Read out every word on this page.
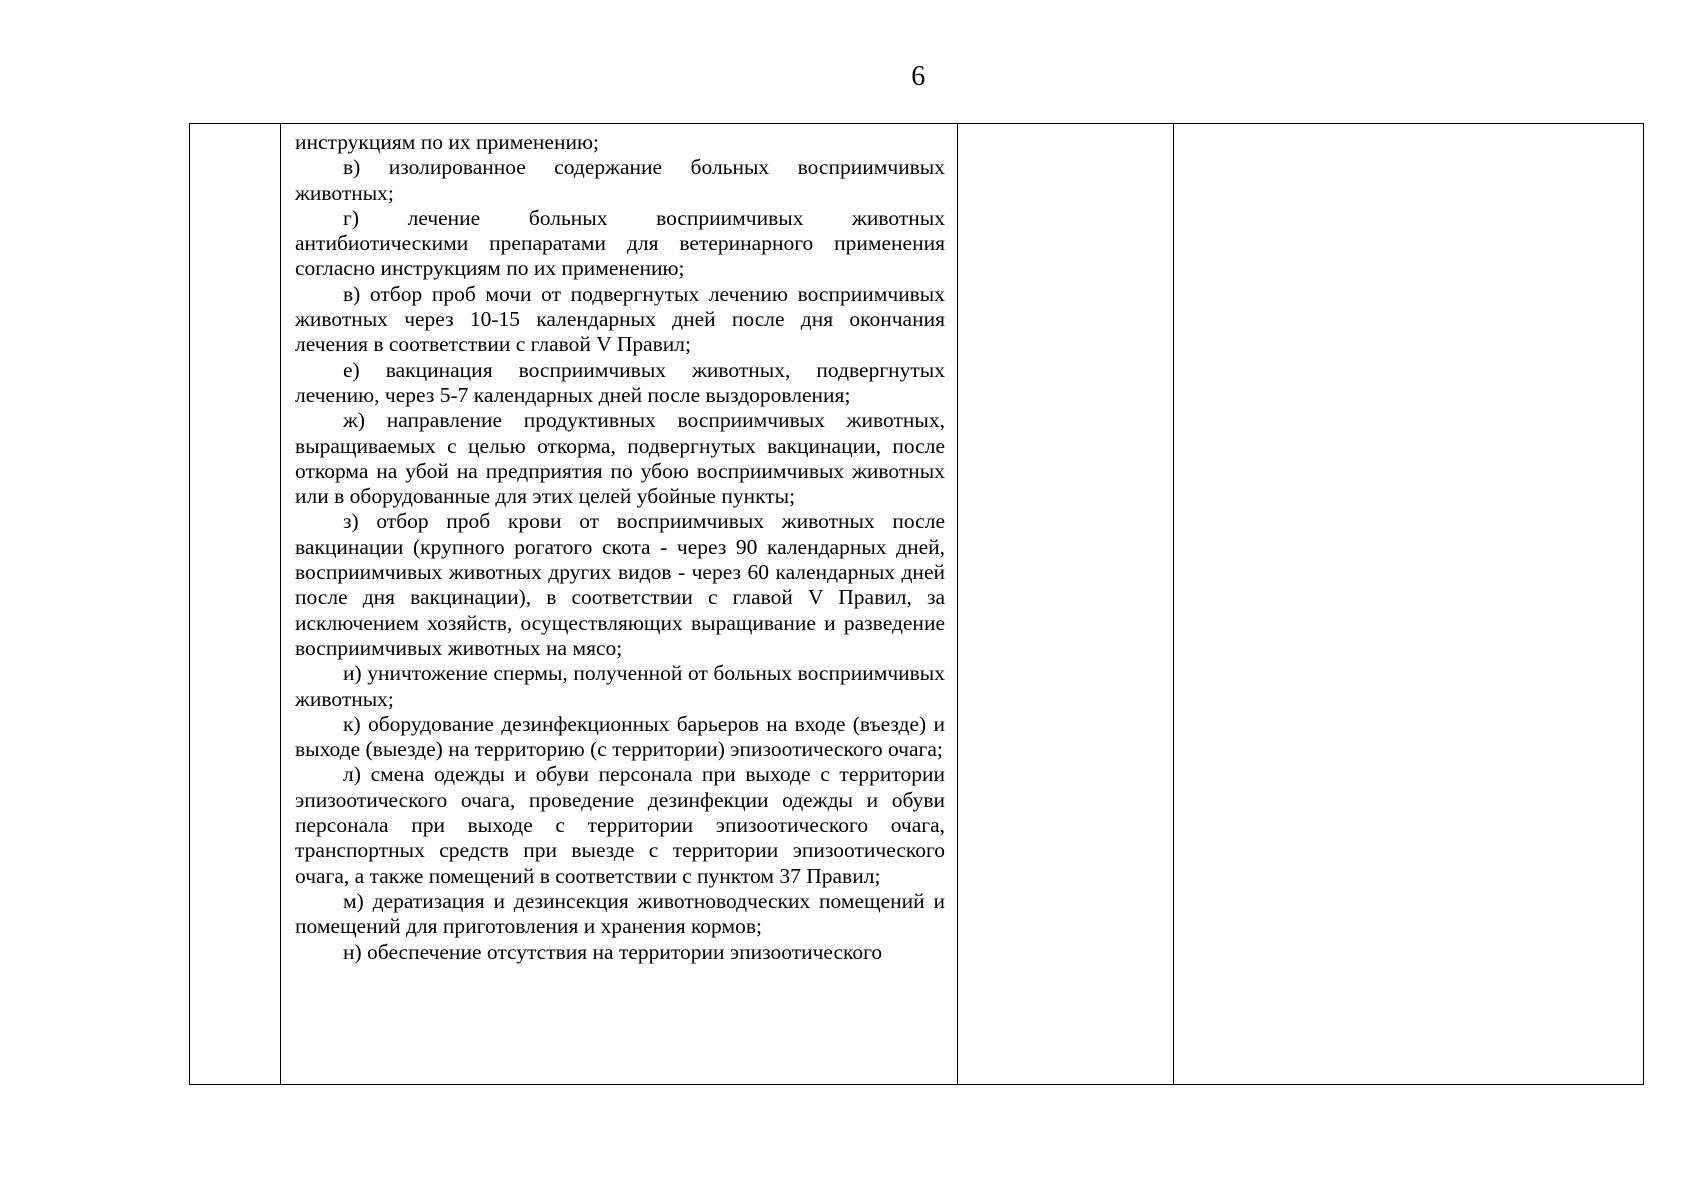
6

инструкциям по их применению;

в) изолированное содержание больных восприимчивых животных;

г) лечение больных восприимчивых животных антибиотическими препаратами для ветеринарного применения согласно инструкциям по их применению;

в) отбор проб мочи от подвергнутых лечению восприимчивых животных через 10-15 календарных дней после дня окончания лечения в соответствии с главой V Правил;

е) вакцинация восприимчивых животных, подвергнутых лечению, через 5-7 календарных дней после выздоровления;

ж) направление продуктивных восприимчивых животных, выращиваемых с целью откорма, подвергнутых вакцинации, после откорма на убой на предприятия по убою восприимчивых животных или в оборудованные для этих целей убойные пункты;

з) отбор проб крови от восприимчивых животных после вакцинации (крупного рогатого скота - через 90 календарных дней, восприимчивых животных других видов - через 60 календарных дней после дня вакцинации), в соответствии с главой V Правил, за исключением хозяйств, осуществляющих выращивание и разведение восприимчивых животных на мясо;

и) уничтожение спермы, полученной от больных восприимчивых животных;

к) оборудование дезинфекционных барьеров на входе (въезде) и выходе (выезде) на территорию (с территории) эпизоотического очага;

л) смена одежды и обуви персонала при выходе с территории эпизоотического очага, проведение дезинфекции одежды и обуви персонала при выходе с территории эпизоотического очага, транспортных средств при выезде с территории эпизоотического очага, а также помещений в соответствии с пунктом 37 Правил;

м) дератизация и дезинсекция животноводческих помещений и помещений для приготовления и хранения кормов;

н) обеспечение отсутствия на территории эпизоотического
